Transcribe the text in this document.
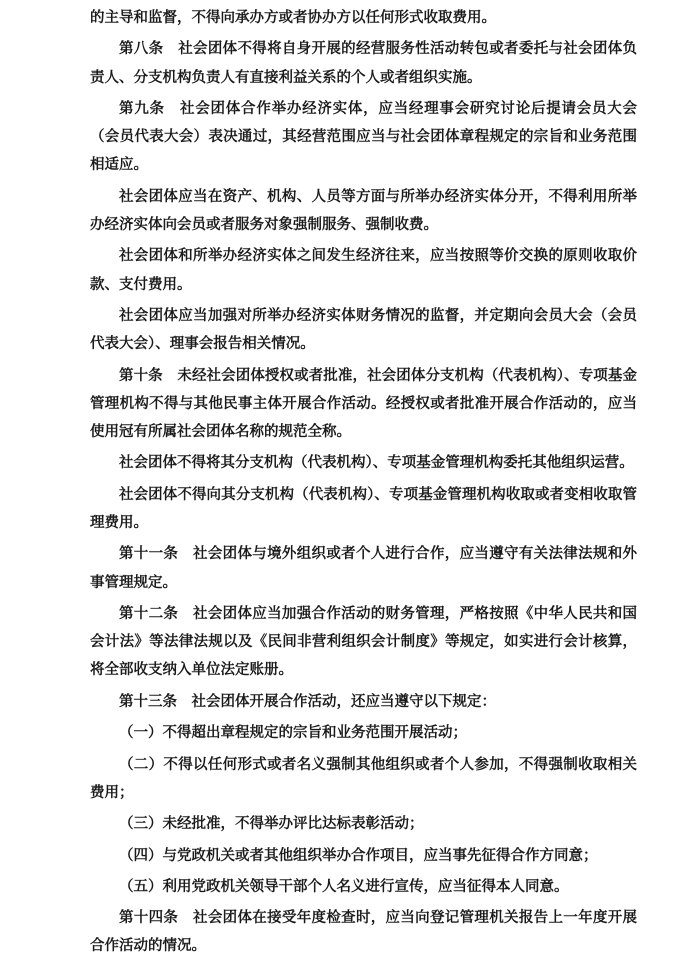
的主导和监督，不得向承办方或者协办方以任何形式收取费用。

第八条　社会团体不得将自身开展的经营服务性活动转包或者委托与社会团体负责人、分支机构负责人有直接利益关系的个人或者组织实施。

第九条　社会团体合作举办经济实体，应当经理事会研究讨论后提请会员大会（会员代表大会）表决通过，其经营范围应当与社会团体章程规定的宗旨和业务范围相适应。

社会团体应当在资产、机构、人员等方面与所举办经济实体分开，不得利用所举办经济实体向会员或者服务对象强制服务、强制收费。

社会团体和所举办经济实体之间发生经济往来，应当按照等价交换的原则收取价款、支付费用。

社会团体应当加强对所举办经济实体财务情况的监督，并定期向会员大会（会员代表大会）、理事会报告相关情况。

第十条　未经社会团体授权或者批准，社会团体分支机构（代表机构）、专项基金管理机构不得与其他民事主体开展合作活动。经授权或者批准开展合作活动的，应当使用冠有所属社会团体名称的规范全称。

社会团体不得将其分支机构（代表机构）、专项基金管理机构委托其他组织运营。

社会团体不得向其分支机构（代表机构）、专项基金管理机构收取或者变相收取管理费用。

第十一条　社会团体与境外组织或者个人进行合作，应当遵守有关法律法规和外事管理规定。

第十二条　社会团体应当加强合作活动的财务管理，严格按照《中华人民共和国会计法》等法律法规以及《民间非营利组织会计制度》等规定，如实进行会计核算，将全部收支纳入单位法定账册。

第十三条　社会团体开展合作活动，还应当遵守以下规定：

（一）不得超出章程规定的宗旨和业务范围开展活动；

（二）不得以任何形式或者名义强制其他组织或者个人参加，不得强制收取相关费用；

（三）未经批准，不得举办评比达标表彰活动；

（四）与党政机关或者其他组织举办合作项目，应当事先征得合作方同意；

（五）利用党政机关领导干部个人名义进行宣传，应当征得本人同意。

第十四条　社会团体在接受年度检查时，应当向登记管理机关报告上一年度开展合作活动的情况。
